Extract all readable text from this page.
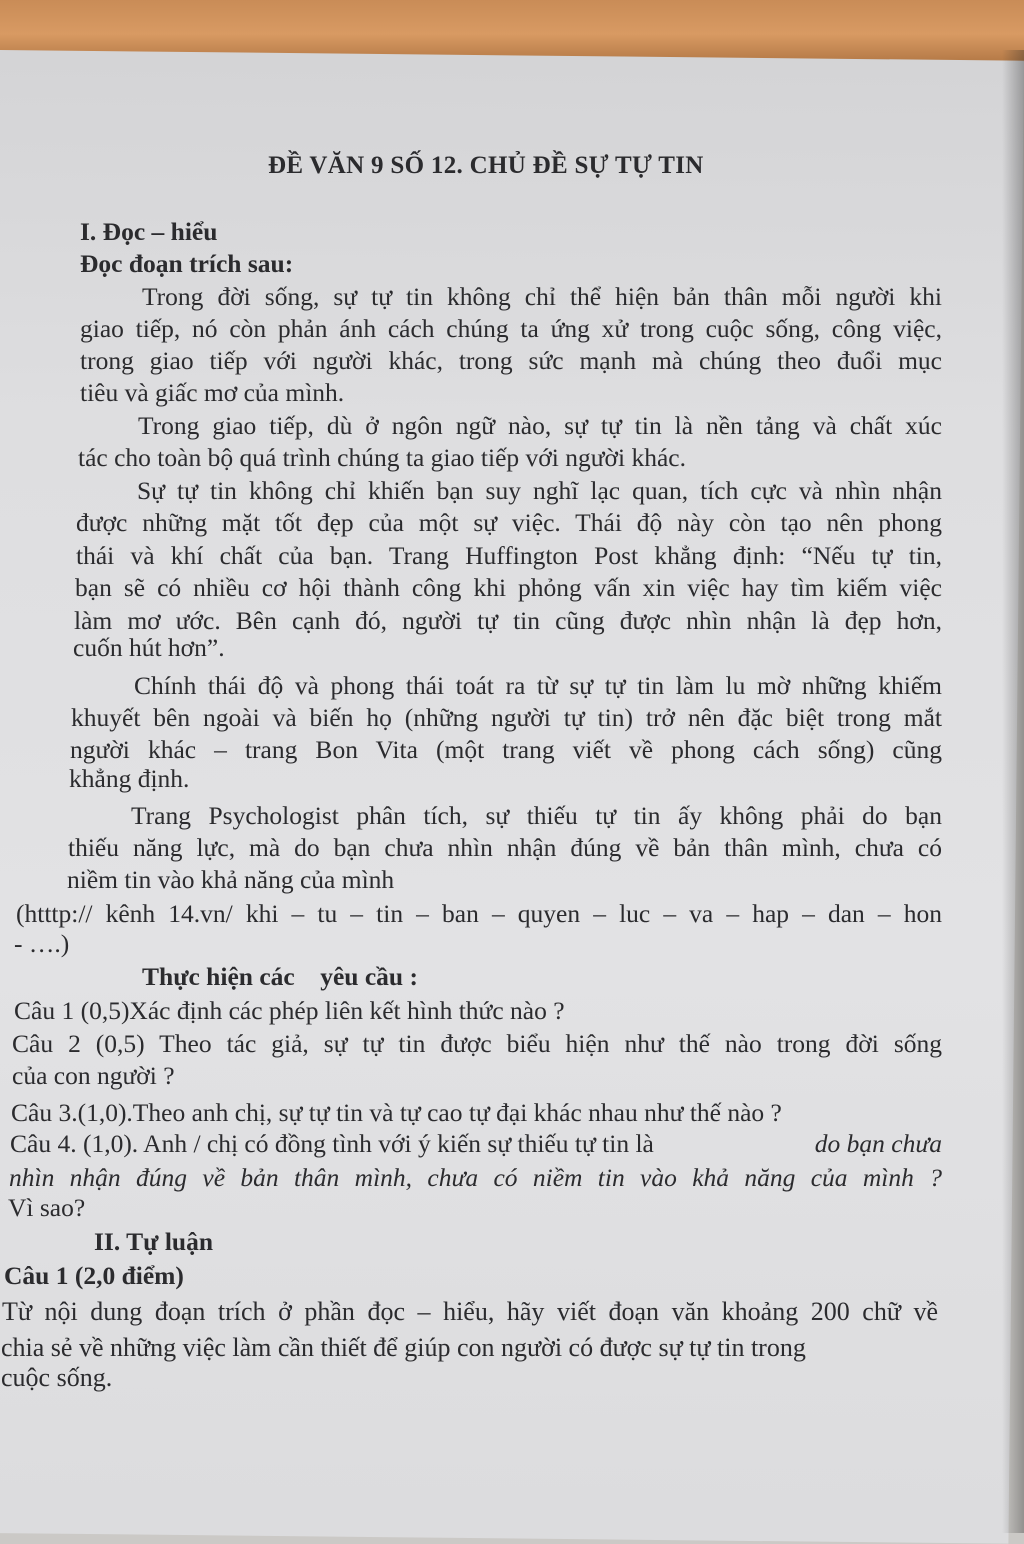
ĐỀ VĂN 9 SỐ 12. CHỦ ĐỀ SỰ TỰ TIN
I. Đọc – hiểu
Đọc đoạn trích sau:
Trong đời sống, sự tự tin không chỉ thể hiện bản thân mỗi người khi
giao tiếp, nó còn phản ánh cách chúng ta ứng xử trong cuộc sống, công việc,
trong giao tiếp với người khác, trong sức mạnh mà chúng theo đuổi mục
tiêu và giấc mơ của mình.
Trong giao tiếp, dù ở ngôn ngữ nào, sự tự tin là nền tảng và chất xúc
tác cho toàn bộ quá trình chúng ta giao tiếp với người khác.
Sự tự tin không chỉ khiến bạn suy nghĩ lạc quan, tích cực và nhìn nhận
được những mặt tốt đẹp của một sự việc. Thái độ này còn tạo nên phong
thái và khí chất của bạn. Trang Huffington Post khẳng định: “Nếu tự tin,
bạn sẽ có nhiều cơ hội thành công khi phỏng vấn xin việc hay tìm kiếm việc
làm mơ ước. Bên cạnh đó, người tự tin cũng được nhìn nhận là đẹp hơn,
cuốn hút hơn”.
Chính thái độ và phong thái toát ra từ sự tự tin làm lu mờ những khiếm
khuyết bên ngoài và biến họ (những người tự tin) trở nên đặc biệt trong mắt
người khác – trang Bon Vita (một trang viết về phong cách sống) cũng
khẳng định.
Trang Psychologist phân tích, sự thiếu tự tin ấy không phải do bạn
thiếu năng lực, mà do bạn chưa nhìn nhận đúng về bản thân mình, chưa có
niềm tin vào khả năng của mình
(htttp:// kênh 14.vn/ khi – tu – tin – ban – quyen – luc – va – hap – dan – hon
- ….)
Thực hiện các    yêu cầu :
Câu 1 (0,5)Xác định các phép liên kết hình thức nào ?
Câu 2 (0,5) Theo tác giả, sự tự tin được biểu hiện như thế nào trong đời sống
của con người ?
Câu 3.(1,0).Theo anh chị, sự tự tin và tự cao tự đại khác nhau như thế nào ?
Câu 4. (1,0). Anh / chị có đồng tình với ý kiến sự thiếu tự tin là	do bạn chưa
nhìn nhận đúng về bản thân mình, chưa có niềm tin vào khả năng của mình ?
Vì sao?
II. Tự luận
Câu 1 (2,0 điểm)
Từ nội dung đoạn trích ở phần đọc – hiểu, hãy viết đoạn văn khoảng 200 chữ về
chia sẻ về những việc làm cần thiết để giúp con người có được sự tự tin trong
cuộc sống.
